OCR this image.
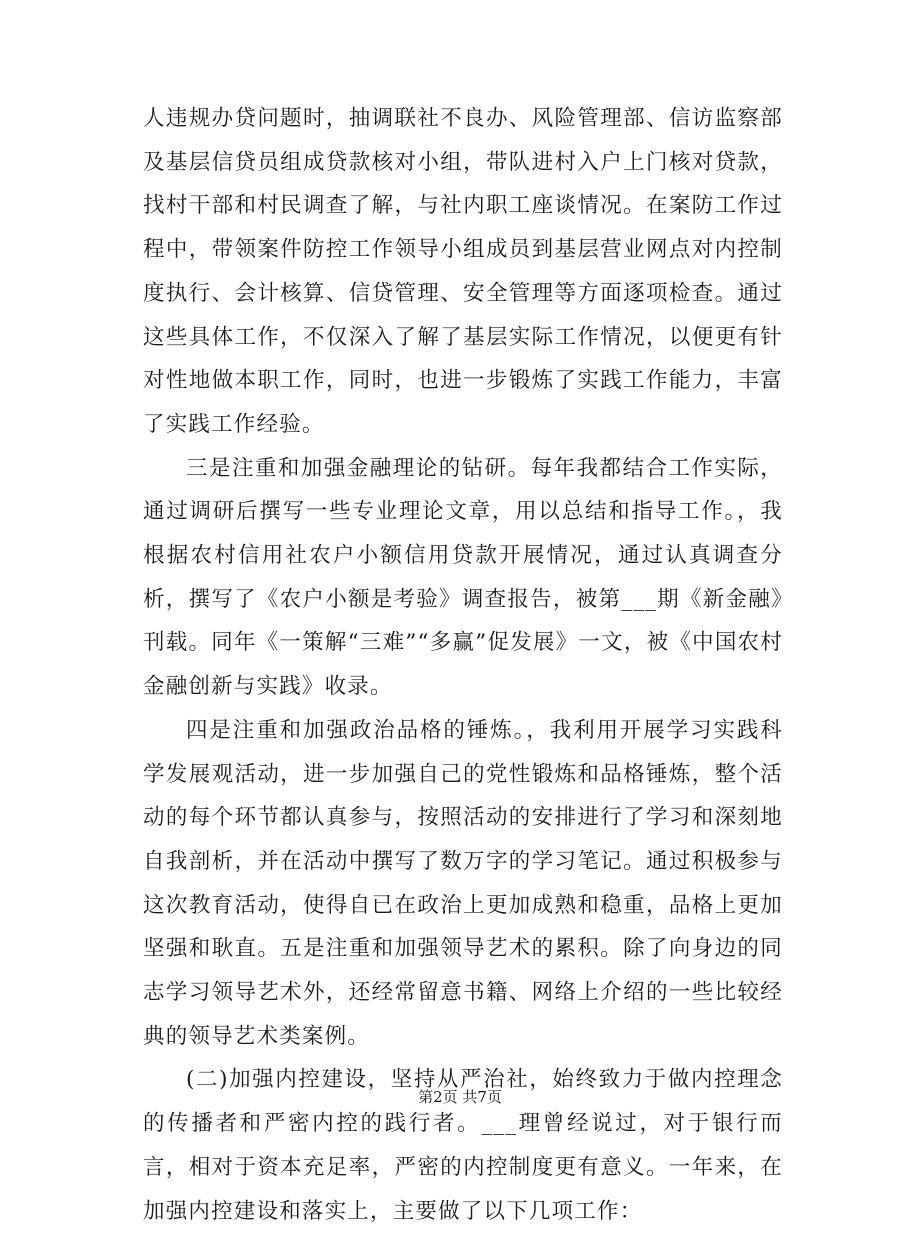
人违规办贷问题时，抽调联社不良办、风险管理部、信访监察部及基层信贷员组成贷款核对小组，带队进村入户上门核对贷款，找村干部和村民调查了解，与社内职工座谈情况。在案防工作过程中，带领案件防控工作领导小组成员到基层营业网点对内控制度执行、会计核算、信贷管理、安全管理等方面逐项检查。通过这些具体工作，不仅深入了解了基层实际工作情况，以便更有针对性地做本职工作，同时，也进一步锻炼了实践工作能力，丰富了实践工作经验。

三是注重和加强金融理论的钻研。每年我都结合工作实际，通过调研后撰写一些专业理论文章，用以总结和指导工作。，我根据农村信用社农户小额信用贷款开展情况，通过认真调查分析，撰写了《农户小额是考验》调查报告，被第___期《新金融》刊载。同年《一策解“三难”“多赢”促发展》一文，被《中国农村金融创新与实践》收录。

四是注重和加强政治品格的锤炼。，我利用开展学习实践科学发展观活动，进一步加强自己的党性锻炼和品格锤炼，整个活动的每个环节都认真参与，按照活动的安排进行了学习和深刻地自我剖析，并在活动中撰写了数万字的学习笔记。通过积极参与这次教育活动，使得自已在政治上更加成熟和稳重，品格上更加坚强和耿直。五是注重和加强领导艺术的累积。除了向身边的同志学习领导艺术外，还经常留意书籍、网络上介绍的一些比较经典的领导艺术类案例。

(二)加强内控建设，坚持从严治社，始终致力于做内控理念的传播者和严密内控的践行者。___理曾经说过，对于银行而言，相对于资本充足率，严密的内控制度更有意义。一年来，在加强内控建设和落实上，主要做了以下几项工作：

第2页 共7页
